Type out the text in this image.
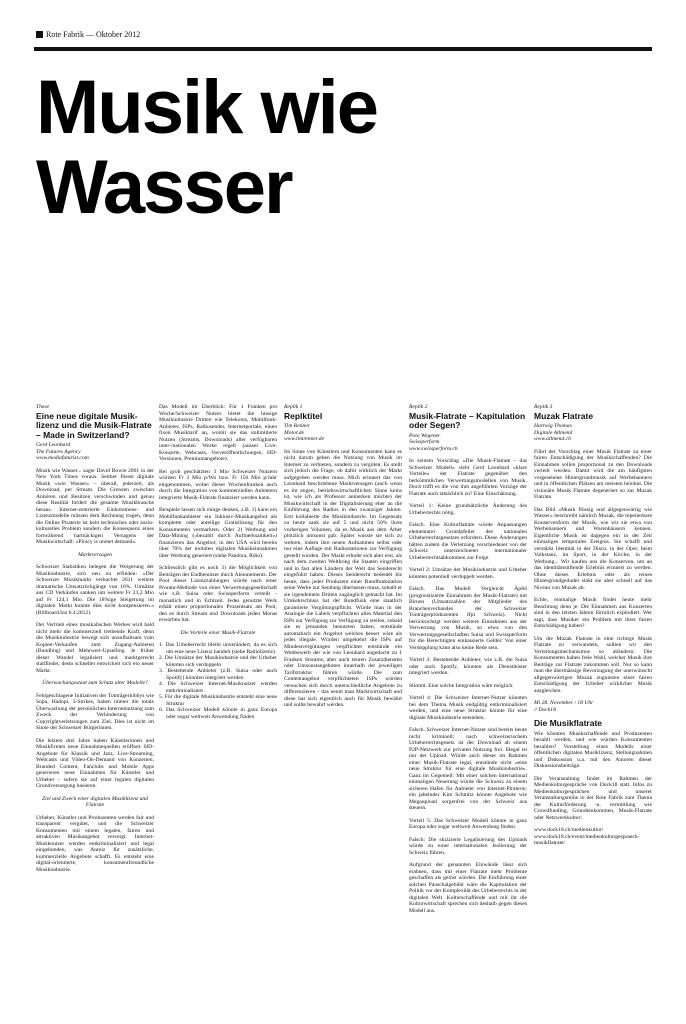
Rote Fabrik — Oktober 2012
Musik wie
Wasser
These
Eine neue digitale Musiklizenz und die Musik-Flatrate – Made in Switzerland?
Gerd Leonhard
The Futures Agency
www.mediafuturist.com

Musik wie Wasser... sagte David Bowie 2001 in der New York Times voraus. Seither fliesst digitale Musik «wie Wasser» – überall, jederzeit, als Download, per Stream. Die Grenzen zwischen Anhören und Besitzen verschwinden und genau diese Realität fordert die gesamte Musikbranche heraus. Internet-zentrierte Einkommens- und Lizenzmodelle müssen dem Rechnung tragen, denn die Online Piraterie ist kein technisches oder sozio-kulturelles Problem sondern die Konsequenz eines fortwährend hartnäckigen Versagens der Musikwirtschaft: «Piracy is unmet demand».

Marktversagen

Schweizer Statistiken belegen die Weigerung der Musikindustrie, sich neu zu erfinden: «Der Schweizer Musikmarkt verbuchte 2011 weitere dramatische Umsatzrückgänge von 16%. Umsätze aus CD Verkäufen sanken um weitere Fr 23,2 Mio auf Fr 124,1 Mio. Die 18%ige Steigerung im digitalen Markt konnte dies nicht kompensieren.» (Billboard.biz 6.4.2012).

Der Vertrieb eines musikalischen Werkes wird bald nicht mehr die kommerziell treibende Kraft, denn die Musikindustrie bewegt sich unaufhaltsam vom Kopien-Verkaufen zum Zugang-Anbieten (Bundling) und Mehrwert-Upselling. Je früher dieser Wandel legalisiert und marktgerecht stattfindet, desto schneller entwickelt sich ein neuer Markt.

Überwachungsstaat zum Schutz alter Modelle?

Fehlgeschlagene Initiativen der Tonträgerlobbys wie Sopa, Hadopi, 3-Strikes, haben immer die totale Überwachung der persönlichen Internetnutzung zum Zweck der Verhinderung von Copyrightverletzungen zum Ziel. Dies ist nicht im Sinne der Schweizer Bürgerinnen.

Die letzten drei Jahre haben Künstlerinnen und Musikfirmen neue Einnahmequellen eröffnet. HD-Angebote für Klassik und Jazz, Live-Streaming, Webcasts und Video-On-Demand von Konzerten, Branded Content, Fanclubs und Mobile Apps generieren neue Einnahmen für Künstler und Urheber – sofern sie auf einer legalen digitalen Grundversorgung basieren.

Ziel und Zweck einer digitalen Musiklizenz und Flatrate

Urheber, Künstler und Produzenten werden fair und transparent vergütet, und die Schweizer Konsumenten mit einem legalen, fairen und attraktiven Musikangebot versorgt. Internet-Musiknutzer werden entkriminalisiert und legal eingebunden, was Anreiz für zusätzliche, kommerzielle Angebote schafft. Es entsteht eine digital-orientierte, konsumentfreundliche Musikindustrie.

Das Modell im Überblick: Für 1 Franken pro Woche/Schweizer Nutzer bietet die hiesige Musikindustrie Dritten wie Telekoms, Mobilfunk-Anbieter, ISPs, Radiosender, Internetportale, einen fixen Musiktarif an, womit sie das unlimitierte Nutzen (Streams, Downloads) aller verfügbaren inter-/nationalen Werke regelt (ausser Live-Konzerte, Webcasts, Vorveröffentlichungen, HD-Versionen, Premiumangebote).

Bei grob geschätzten 3 Mio Schweizer Nutzern würden Fr 3 Mio p/Wo bzw. Fr 156 Mio p/Jahr eingenommen, wobei dieser Wochenfranken auch durch die Integration von kommerziellen Anbietern integrierte Musik-Flatrate finanziert werden kann.

Beispiele lassen sich einige denken, z.B. 1) kann ein Mobilfunkanbieter ein Inklusiv-Musikangebot als komplette oder anteilige Gratislösung für den Konsumenten vermarkten. Oder 2) Werbung und Data-Mining (»bezahlt durch Aufmerksamkeit«) finanzieren das Angebot; in den USA wird bereits über 70% der mobilen digitalen Musikeinnahmen über Werbung generiert (siehe Pandora, Rdio).

Schliesslich gibt es noch 3) die Möglichkeit von Beiträgen der Endbenutzer durch Abonnements. Der Pool dieser Lizenzzahlungen würde nach einer Prorata-Methode von einer Verwertungsgesellschaft wie z.B. Suisa oder Swissperform verteilt - monatlich und in Echtzeit. Jedes genutzte Werk erhält einen proportionalen Prozentsatz am Pool, den es durch Stream und Downloads jeden Monat erworben hat.

Die Vorteile einer Musik-Flatrate
1. Das Urheberrecht bleibt unverändert, da es sich um eine neue Lizenz handelt (siehe Radiolizenz)
2. Die Umsätze der Musikindustrie und der Urheber könnten sich verdoppeln
3. Bestehende Anbieter (z.B. Suisa oder auch Spotify) könnten integriert werden
4. Die Schweizer Internet-Musiknutzer werden entkriminalisiert
5. Für die digitale Musikindustrie entsteht eine neue Struktur
6. Das Schweizer Modell könnte in ganz Europa oder sogar weltweit Anwendung finden
Replik 1
Replktitel
Tim Renner
Motor.de
www.timrenner.de

Im Sinne von Künstlern und Konsumenten kann es nicht darum gehen die Nutzung von Musik im Internet zu verbieten, sondern zu vergüten. Es stellt sich jedoch die Frage, ob dafür wirklich der Markt aufgegeben werden muss. Mich erinnert das von Leonhard beschriebene Marktversagen (auch wenn es im engen, betriebswirtschaftlichen Sinne keins ist, wie ich als Professor anmerken möchte) der Musikwirtschaft in der Digitalisierung eher an die Einführung des Radios in den zwanziger Jahren. Erst kollabierte die Musikindustrie. Im Gegensatz zu heute sank sie auf 5 und nicht 50% ihres vorherigen Volumen, da es Musik aus dem Äther plötzlich umsonst gab. Später wusste sie sich zu wehren, indem ihre neuen Aufnahmen selbst oder nur eine Auflage mit Radiostationen zur Verfügung gestellt wurden. Der Markt erholte sich aber erst, als nach dem zweiten Weltkrieg die Staaten eingriffen und in fast allen Ländern der Welt das Senderecht eingeführt haben. Dieses Senderecht bedeutet bis heute, dass jeder Produzent einer Rundfunkstation seine Werke zur Sendung überlassen muss, sobald er sie irgendeinem Dritten zugänglich gemacht hat. Im Umkehrschluss hat der Rundfunk eine staatlich garantierte Vergütungspflicht. Würde man in der Analogie die Labels verpflichten alles Material den ISPs zur Verfügung zur Verfügung zu stellen, sobald sie es jemanden benutzten haben, entstünde automatisch ein Angebot welches besser wäre als jedes illegale. Würden umgekehrt die ISPs auf Mindestvergütungen verpflichtet entstünde ein Wettbewerb der wie von Leonhard angedacht zu 1 Franken Streams, aber auch teuren Zusatzdiensten oder Umsonstangeboten innerhalb der jeweiligen Tarifstruktur führen würde. Die zum Contentangebot verpflichteten ISPs würden versuchen sich durch unterschiedliche Angebote zu differenzieren – das nennt man Marktwirtschaft und diese hat sich eigentlich auch für Musik bewährt und sollte bewahrt werden.

Replik 2
Musik-Flatrate – Kapitulation oder Segen?
Poto Wegener
Swissperform
www.swissperform.ch

In seinem Vorschlag «Die Musik-Flatrate - das Schweizer Modell» sieht Gerd Leonhard «klare Vorteile» der Flatrate gegenüber den herkömmlichen Verwertungsmodellen von Musik. Doch trifft es die von ihm angeführten Vorzüge der Flatrate auch tatsächlich zu? Eine Einschätzung.

Vorteil 1: Keine grundsätzliche Änderung des Urheberrechts nötig.

Falsch. Eine Kulturflatrate würde Anpassungen elementarer Grundpfeiler des nationalen Urheberrechtsgesetzes erfordern. Diese Änderungen hätten zudem die Verletzung verschiedener von der Schweiz unterzeichneter internationaler Urheberrechtsabkommen zur Folge.

Vorteil 2: Umsätze der Musikindustrie und Urheber könnten potentiell verdoppelt werden.

Falsch. Das Modell Vergleicht Äpfel (prognostizierte Einnahmen der Musik-Flatrate) mit Birnen (Umsatzzahlen der Mitglieder des Branchenverbandes der Schweizer Tonträgerproduzenten Ifpi Schweiz). Nicht berücksichtigt werden weitere Einnahmen aus der Verwertung von Musik, so etwa von den Verwertungsgesellschaften Suisa und Swissperform für die Berechtigten einkassierte Gelder. Von einer Verdopplung kann also keine Rede sein.

Vorteil 3: Bestehende Anbieter, wie z.B. die Suisa oder auch Spotify, könnten als Dienstleister integriert werden.

Stimmt. Eine solche Integration wäre möglich.

Vorteil 4: Die Schweizer Internet-Nutzer könnten bei dem Thema Musik endgültig entkriminalisiert werden, und eine neue Struktur könnte für eine digitale Musikindustrie entstehen.

Falsch. Schweizer Internet-Nutzer sind bereits heute nicht kriminell; nach schweizerischem Urheberrechtsgesetz ist der Download ab einem P2P-Netzwerk zur privaten Nutzung frei. Illegal ist nur der Upload. Würde auch dieser im Rahmen einer Musik-Flatrate legal, entstünde nicht «eine neue Struktur für eine digitale Musikindustrie». Ganz im Gegenteil: Mit einer solchen international einmaligen Neuerung würde die Schweiz zu einem sicheren Hafen für Anbieter von Internet-Piraterie; ein jahelnder Kim Schmitz könnte Angebote wie Megaupload sorgenfrei von der Schweiz aus steuern.

Vorteil 5: Das Schweizer Modell könnte in ganz Europa oder sogar weltweit Anwendung finden.

Falsch: Die skizzierte Legalisierung des Uploads würde zu einer internationalen Isolierung der Schweiz führen.

Aufgrund der genannten Einwände lässt sich erahnen, dass mit einer Flatrate mehr Probleme geschaffen als gelöst würden. Die Einführung einer solchen Pauschalgebühr wäre die Kapitulation der Politik vor der Komplexität des Urheberrechts in der digitalen Welt. Kulturschaffende und mit ihr die Kulturwirtschaft sprechen sich deshalb gegen dieses Modell aus.

Replik 3
Muzak Flatrate
Hartwig Thomas
Digitale Allmend
www.allmend.ch

Führt der Vorschlag einer Musik Flatrate zu einer fairen Entschädigung der Musikschaffenden? Die Einnahmen sollen proportional zu den Downloads verteilt werden. Damit wird die am häufigsten vorgesehene Hintergrundmusik auf Werbebannern und in öffentlichen Plätzen am meisten belohnt. Die visionäre Musik Flatrate degeneriert so zur Muzak Flatrate.

Das Bild «Musik flüssig und allgegenwärtig wie Wasser» beschreibt nämlich Muzak, die repetierbare Konservenform der Musik, wie wir sie etwa von Werbebannern und Warenhäusern kennen. Eigentliche Musik ist dagegen ein in der Zeit einmaliges temporales Ereignis. Sie schafft und verstärkt Identität in der Disco, in der Oper, beim Volkstanz, im Sport, in der Kirche, in der Werbung... Wir kaufen uns die Konserven, um an das identitätsstiftende Erlebnis erinnert zu werden. Ohne dieses Erlebnis oder als reines Hintergrundgedudel sinkt sie aber schnell auf das Niveau von Muzak ab.

Echte, einmalige Musik findet heute mehr Beachtung denn je. Die Einnahmen aus Konzerten sind in den letzten Jahren förmlich explodiert. Wer sagt, dass Musiker ein Problem mit ihrer fairen Entschädigung haben?

Um die Muzak Flatrate in eine richtige Musik Flatrate zu verwandeln, sollten wir den Verteilungsmechanismus so abändern: Die Konsumenten haben freie Wahl, welcher Musik ihre Beiträge zur Flatrate zukommen soll. Nur so kann man die übermässige Bevorzugung der unerwünscht allgegenwärtigen Muzak zugunsten einer fairen Entschädigung der Urheber wirklicher Musik ausgleichen.

Mi 28. November / 18 Uhr
// Dock18
Die Musikflatrate

Wie könnten Musikschaffende und Produzenten bezahlt werden, und wie würden Konsumenten bezahlen? Vorstellung eines Modells einer öffentlichen digitalen Musiklizenz, Stellungnahmen und Diskussion u.a. mit den Autoren dieser Diskussionsbeiträge.

Die Veranstaltung findet im Rahmen der Medienkulturgespräche von Dock18 statt. Infos zu Medienkulturgesprächen und unserer Veranstaltungsreihe in der Rote Fabrik zum Thema der Kulturförderung -u. vermittlung wie Crowdfunding, Grundeinkommen, Musik-Flatrate oder Netzwerkkultur:

www.dock18.ch/medienkultur/ www.dock18.ch/event/medienkulturgespraech-musikflatrate/
